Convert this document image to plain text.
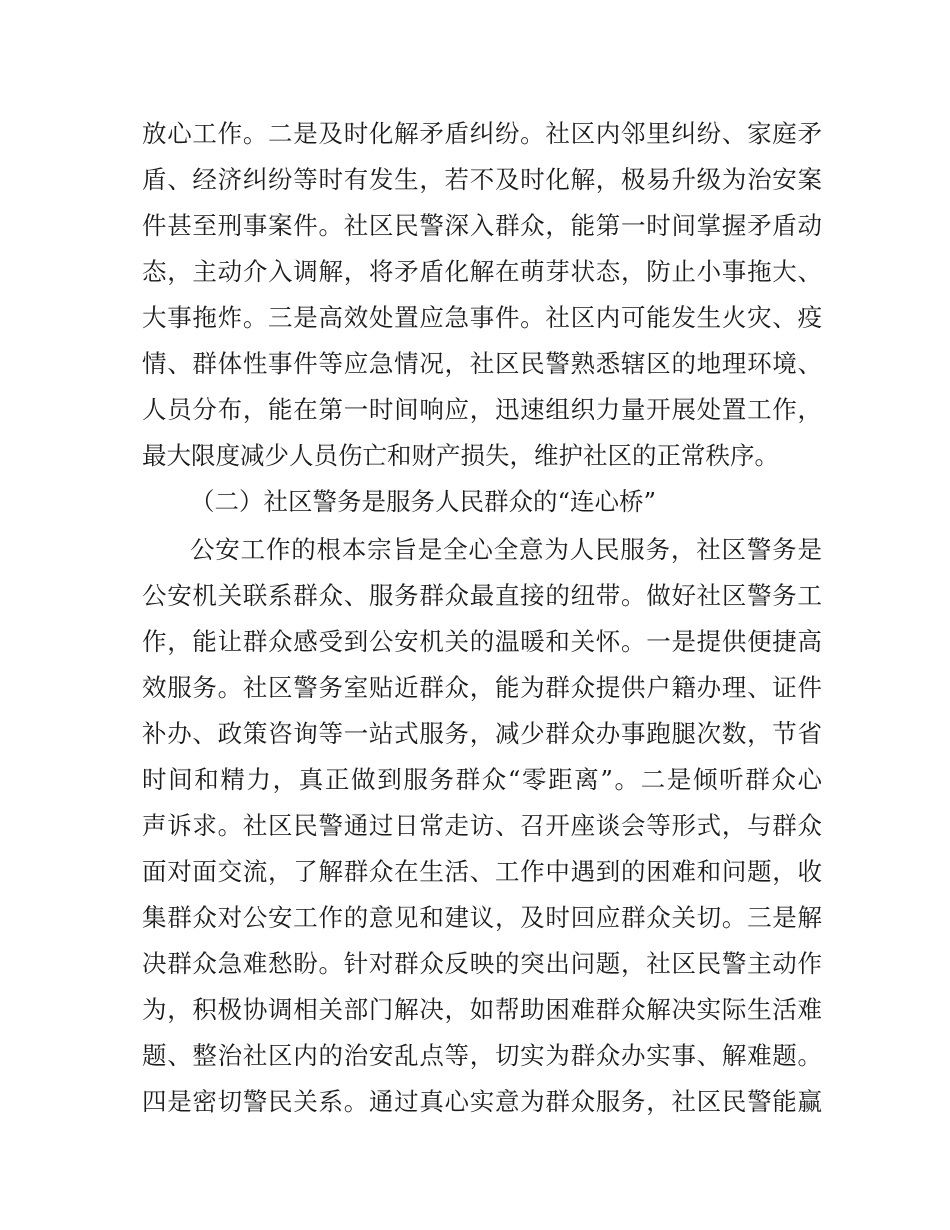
放心工作。二是及时化解矛盾纠纷。社区内邻里纠纷、家庭矛
盾、经济纠纷等时有发生，若不及时化解，极易升级为治安案
件甚至刑事案件。社区民警深入群众，能第一时间掌握矛盾动
态，主动介入调解，将矛盾化解在萌芽状态，防止小事拖大、
大事拖炸。三是高效处置应急事件。社区内可能发生火灾、疫
情、群体性事件等应急情况，社区民警熟悉辖区的地理环境、
人员分布，能在第一时间响应，迅速组织力量开展处置工作，
最大限度减少人员伤亡和财产损失，维护社区的正常秩序。
（二）社区警务是服务人民群众的“连心桥”
公安工作的根本宗旨是全心全意为人民服务，社区警务是
公安机关联系群众、服务群众最直接的纽带。做好社区警务工
作，能让群众感受到公安机关的温暖和关怀。一是提供便捷高
效服务。社区警务室贴近群众，能为群众提供户籍办理、证件
补办、政策咨询等一站式服务，减少群众办事跑腿次数，节省
时间和精力，真正做到服务群众“零距离”。二是倾听群众心
声诉求。社区民警通过日常走访、召开座谈会等形式，与群众
面对面交流，了解群众在生活、工作中遇到的困难和问题，收
集群众对公安工作的意见和建议，及时回应群众关切。三是解
决群众急难愁盼。针对群众反映的突出问题，社区民警主动作
为，积极协调相关部门解决，如帮助困难群众解决实际生活难
题、整治社区内的治安乱点等，切实为群众办实事、解难题。
四是密切警民关系。通过真心实意为群众服务，社区民警能赢
